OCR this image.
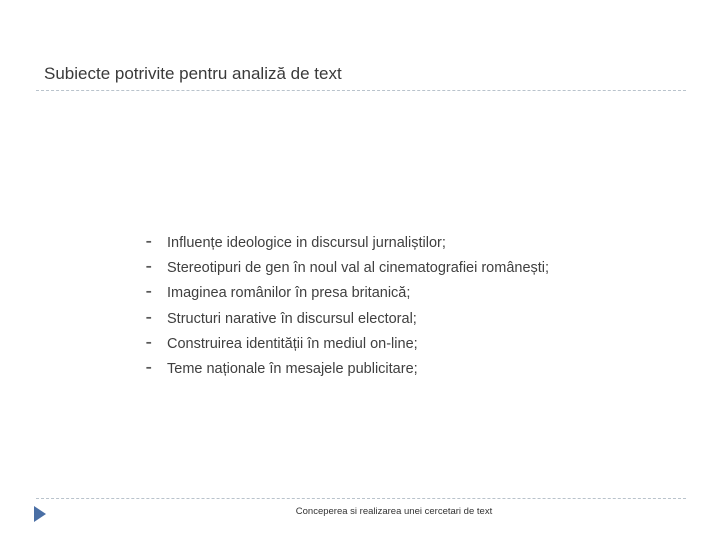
Subiecte potrivite pentru analiză de text
▪▪▪	Influențe ideologice in discursul jurnaliștilor;
▪▪▪	Stereotipuri de gen în noul val al cinematografiei românești;
▪▪▪	Imaginea românilor în presa britanică;
▪▪▪	Structuri narative în discursul electoral;
▪▪▪	Construirea identității în mediul on-line;
▪▪▪	Teme naționale în mesajele publicitare;
Conceperea si realizarea unei cercetari de text
